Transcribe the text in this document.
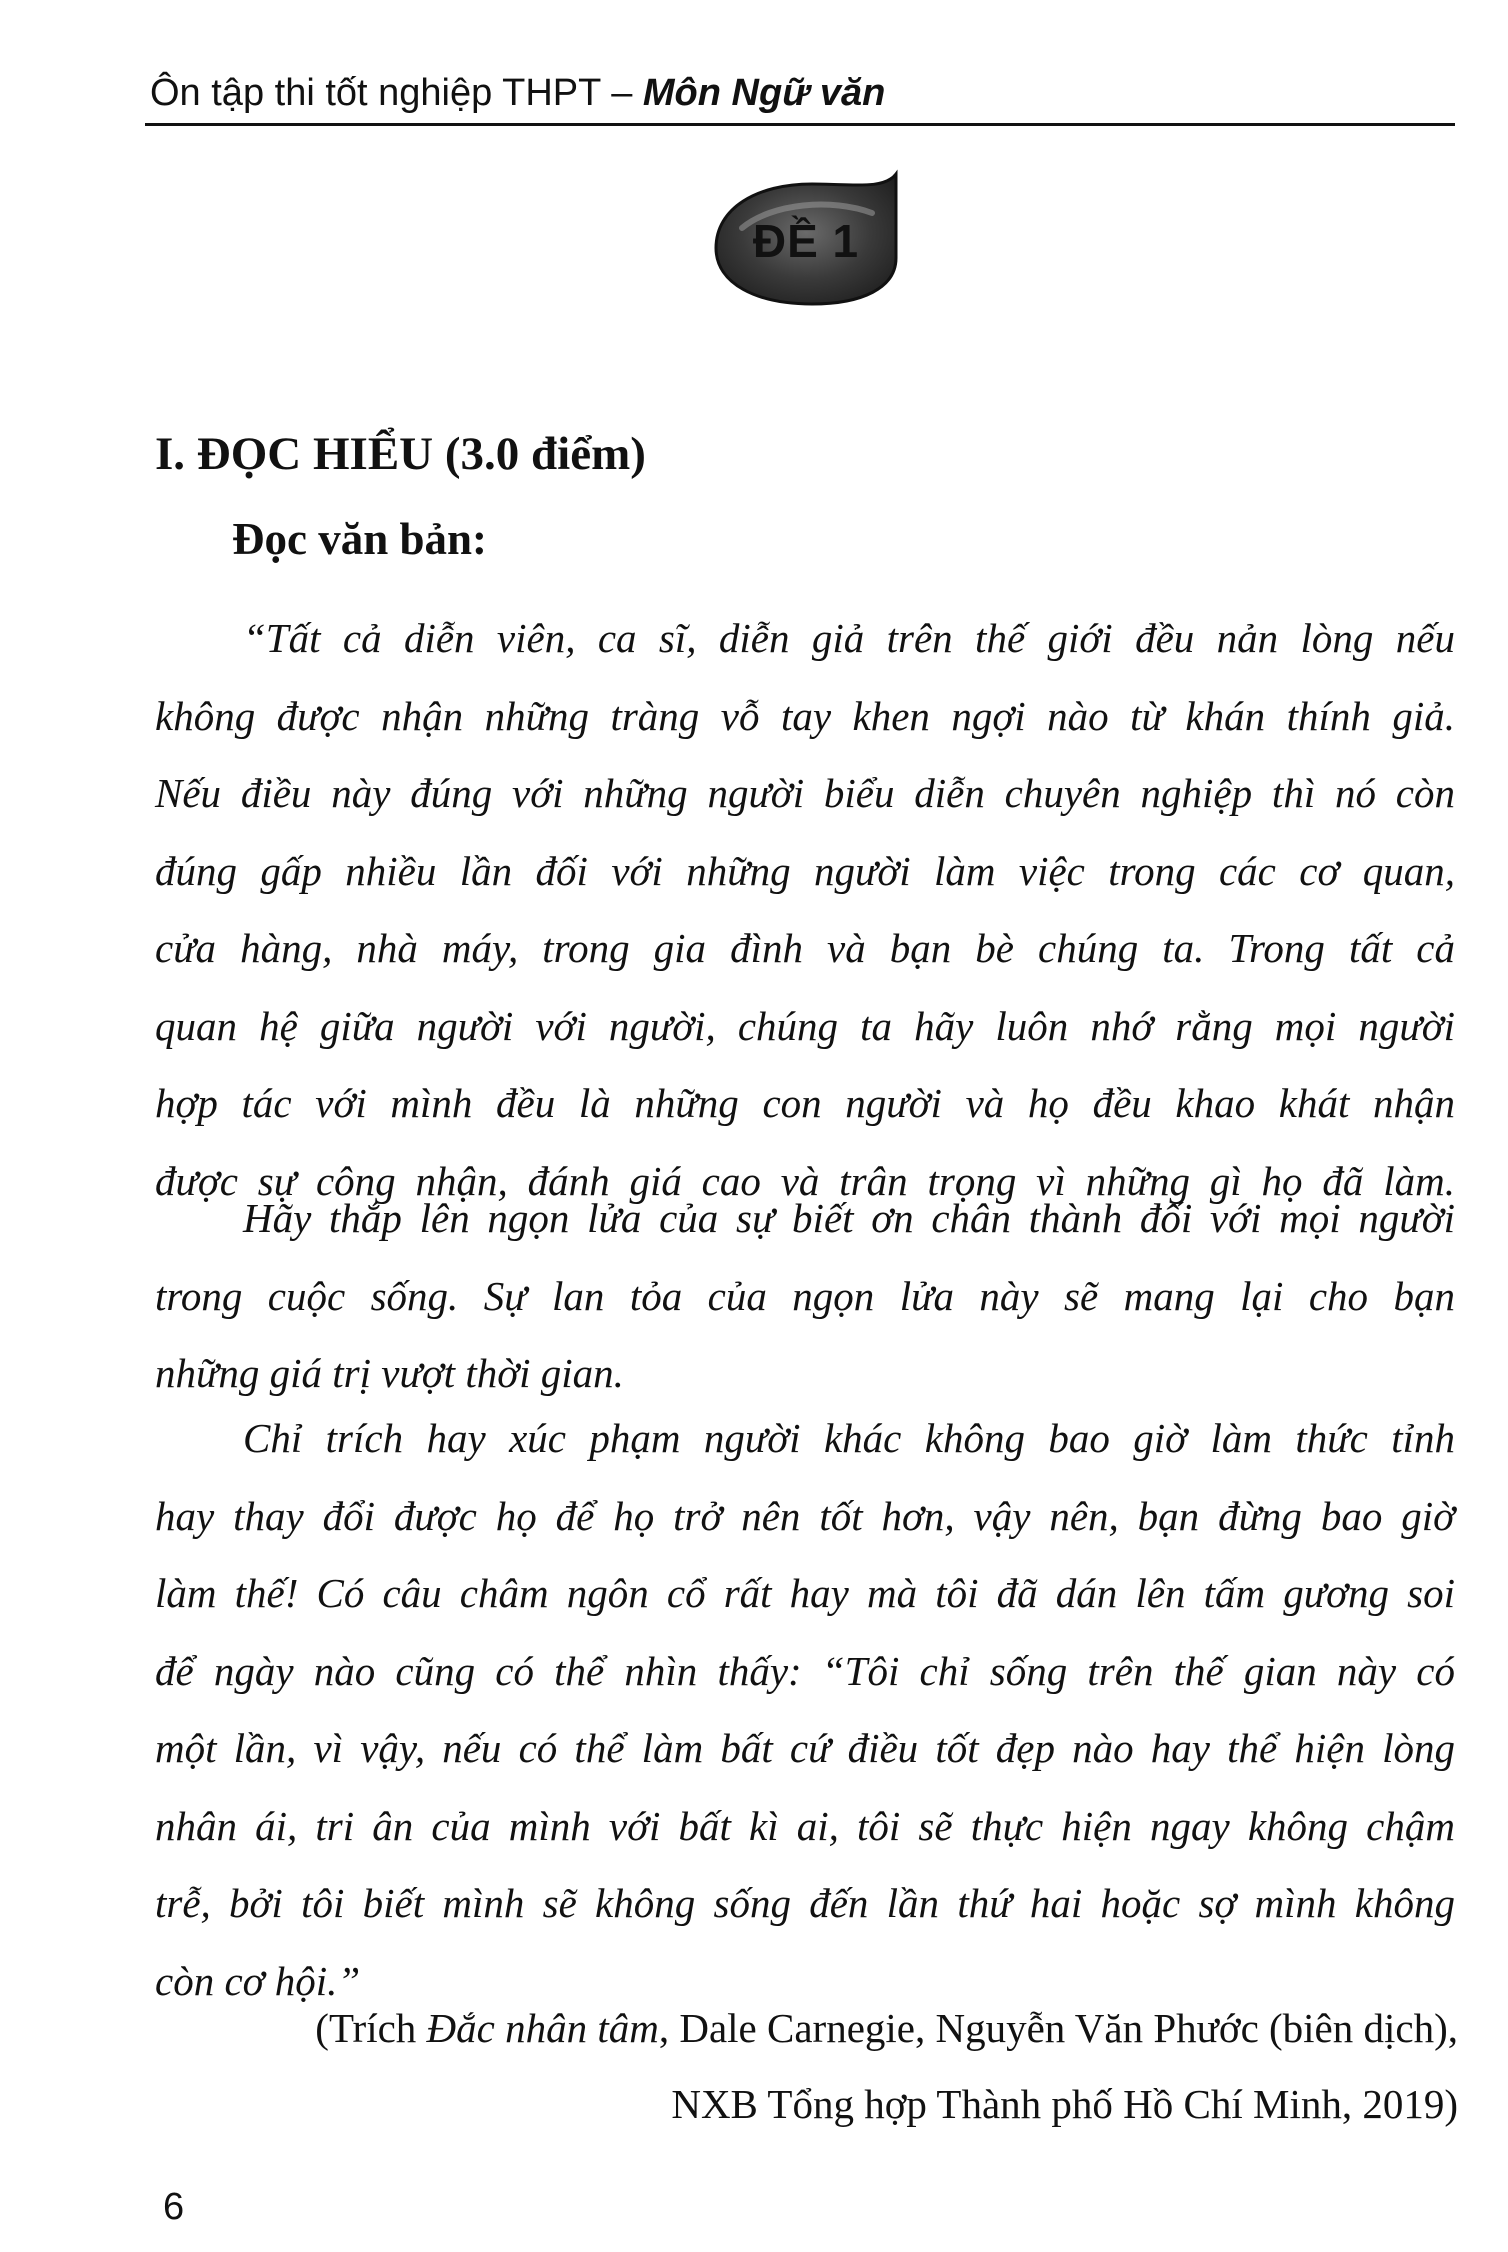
Ôn tập thi tốt nghiệp THPT – Môn Ngữ văn
ĐỀ 1
I. ĐỌC HIỂU (3.0 điểm)
Đọc văn bản:
“Tất cả diễn viên, ca sĩ, diễn giả trên thế giới đều nản lòng nếu
không được nhận những tràng vỗ tay khen ngợi nào từ khán thính giả.
Nếu điều này đúng với những người biểu diễn chuyên nghiệp thì nó còn
đúng gấp nhiều lần đối với những người làm việc trong các cơ quan,
cửa hàng, nhà máy, trong gia đình và bạn bè chúng ta. Trong tất cả
quan hệ giữa người với người, chúng ta hãy luôn nhớ rằng mọi người
hợp tác với mình đều là những con người và họ đều khao khát nhận
được sự công nhận, đánh giá cao và trân trọng vì những gì họ đã làm.
Hãy thắp lên ngọn lửa của sự biết ơn chân thành đối với mọi người
trong cuộc sống. Sự lan tỏa của ngọn lửa này sẽ mang lại cho bạn
những giá trị vượt thời gian.
Chỉ trích hay xúc phạm người khác không bao giờ làm thức tỉnh
hay thay đổi được họ để họ trở nên tốt hơn, vậy nên, bạn đừng bao giờ
làm thế! Có câu châm ngôn cổ rất hay mà tôi đã dán lên tấm gương soi
để ngày nào cũng có thể nhìn thấy: “Tôi chỉ sống trên thế gian này có
một lần, vì vậy, nếu có thể làm bất cứ điều tốt đẹp nào hay thể hiện lòng
nhân ái, tri ân của mình với bất kì ai, tôi sẽ thực hiện ngay không chậm
trễ, bởi tôi biết mình sẽ không sống đến lần thứ hai hoặc sợ mình không
còn cơ hội.”
(Trích Đắc nhân tâm, Dale Carnegie, Nguyễn Văn Phước (biên dịch),
NXB Tổng hợp Thành phố Hồ Chí Minh, 2019)
6
